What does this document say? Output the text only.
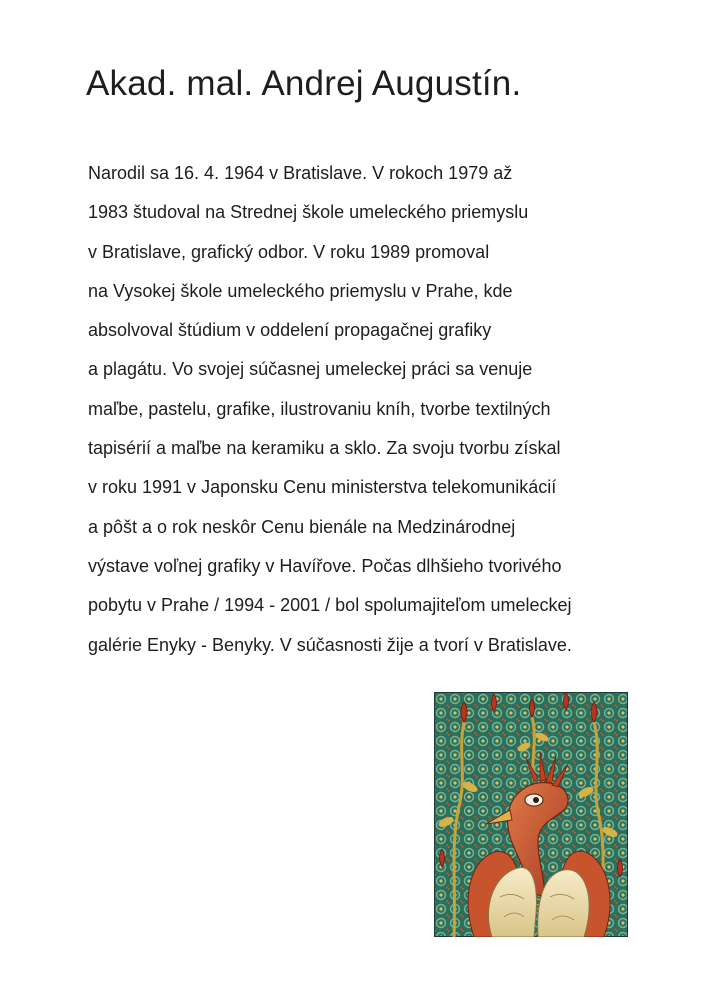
Akad. mal. Andrej Augustín.
Narodil sa 16. 4. 1964 v Bratislave. V rokoch 1979 až
1983 študoval na Strednej škole umeleckého priemyslu
v Bratislave, grafický odbor. V roku 1989 promoval
na Vysokej škole umeleckého priemyslu v Prahe, kde
absolvoval štúdium v oddelení propagačnej grafiky
a plagátu. Vo svojej súčasnej umeleckej práci sa venuje
maľbe, pastelu, grafike, ilustrovaniu kníh, tvorbe textilných
tapisérií a maľbe na keramiku a sklo. Za svoju tvorbu získal
v roku 1991 v Japonsku Cenu ministerstva telekomunikácií
a pôšt a o rok neskôr Cenu bienále na Medzinárodnej
výstave voľnej grafiky v Havířove. Počas dlhšieho tvorivého
pobytu v Prahe / 1994 - 2001 / bol spolumajiteľom umeleckej
galérie Enyky - Benyky. V súčasnosti žije a tvorí v Bratislave.
